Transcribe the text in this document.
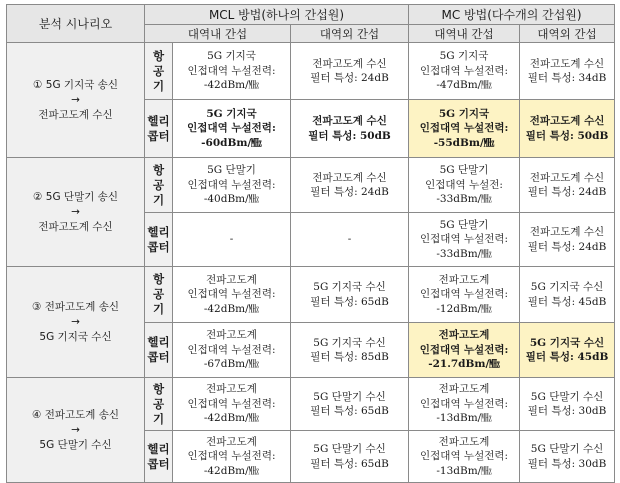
분석 시나리오	MCL 방법(하나의 간섭원)			MC 방법(다수개의 간섭원)	
	대역내 간섭		대역외 간섭	대역내 간섭	대역외 간섭

① 5G 기지국 송신
→
전파고도계 수신	항
공
기	5G 기지국
인접대역 누설전력:
-42dBm/㎒	전파고도계 수신
필터 특성: 24dB	5G 기지국
인접대역 누설전력:
-47dBm/㎒	전파고도계 수신
필터 특성: 34dB

	헬리
콥터	5G 기지국
인접대역 누설전력:
-60dBm/㎒	전파고도계 수신
필터 특성: 50dB	5G 기지국
인접대역 누설전력:
-55dBm/㎒	전파고도계 수신
필터 특성: 50dB

② 5G 단말기 송신
→
전파고도계 수신	항
공
기	5G 단말기
인접대역 누설전력:
-40dBm/㎒	전파고도계 수신
필터 특성: 24dB	5G 단말기
인접대역 누설전:
-33dBm/㎒	전파고도계 수신
필터 특성: 24dB

	헬리
콥터	-	-	5G 단말기
인접대역 누설전력:
-33dBm/㎒	전파고도계 수신
필터 특성: 24dB

③ 전파고도계 송신
→
5G 기지국 수신	항
공
기	전파고도계
인접대역 누설전력:
-42dBm/㎒	5G 기지국 수신
필터 특성: 65dB	전파고도계
인접대역 누설전력:
-12dBm/㎒	5G 기지국 수신
필터 특성: 45dB

	헬리
콥터	전파고도계
인접대역 누설전력:
-67dBm/㎒	5G 기지국 수신
필터 특성: 85dB	전파고도계
인접대역 누설전력:
-21.7dBm/㎒	5G 기지국 수신
필터 특성: 45dB

④ 전파고도계 송신
→
5G 단말기 수신	항
공
기	전파고도계
인접대역 누설전력:
-42dBm/㎒	5G 단말기 수신
필터 특성: 65dB	전파고도계
인접대역 누설전력:
-13dBm/㎒	5G 단말기 수신
필터 특성: 30dB

	헬리
콥터	전파고도계
인접대역 누설전력:
-42dBm/㎒	5G 단말기 수신
필터 특성: 65dB	전파고도계
인접대역 누설전력:
-13dBm/㎒	5G 단말기 수신
필터 특성: 30dB
